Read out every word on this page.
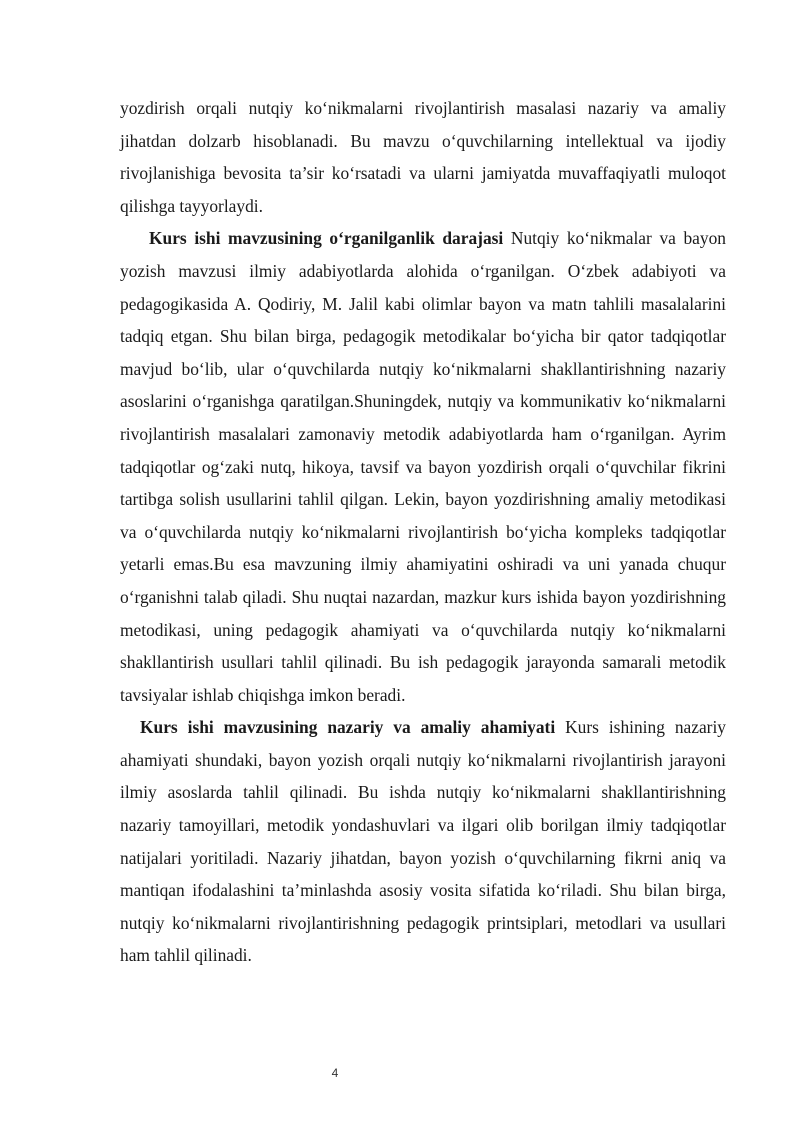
yozdirish orqali nutqiy ko‘nikmalarni rivojlantirish masalasi nazariy va amaliy jihatdan dolzarb hisoblanadi. Bu mavzu o‘quvchilarning intellektual va ijodiy rivojlanishiga bevosita ta’sir ko‘rsatadi va ularni jamiyatda muvaffaqiyatli muloqot qilishga tayyorlaydi.

Kurs ishi mavzusining o‘rganilganlik darajasi Nutqiy ko‘nikmalar va bayon yozish mavzusi ilmiy adabiyotlarda alohida o‘rganilgan. O‘zbek adabiyoti va pedagogikasida A. Qodiriy, M. Jalil kabi olimlar bayon va matn tahlili masalalarini tadqiq etgan. Shu bilan birga, pedagogik metodikalar bo‘yicha bir qator tadqiqotlar mavjud bo‘lib, ular o‘quvchilarda nutqiy ko‘nikmalarni shakllantirishning nazariy asoslarini o‘rganishga qaratilgan.Shuningdek, nutqiy va kommunikativ ko‘nikmalarni rivojlantirish masalalari zamonaviy metodik adabiyotlarda ham o‘rganilgan. Ayrim tadqiqotlar og‘zaki nutq, hikoya, tavsif va bayon yozdirish orqali o‘quvchilar fikrini tartibga solish usullarini tahlil qilgan. Lekin, bayon yozdirishning amaliy metodikasi va o‘quvchilarda nutqiy ko‘nikmalarni rivojlantirish bo‘yicha kompleks tadqiqotlar yetarli emas.Bu esa mavzuning ilmiy ahamiyatini oshiradi va uni yanada chuqur o‘rganishni talab qiladi. Shu nuqtai nazardan, mazkur kurs ishida bayon yozdirishning metodikasi, uning pedagogik ahamiyati va o‘quvchilarda nutqiy ko‘nikmalarni shakllantirish usullari tahlil qilinadi. Bu ish pedagogik jarayonda samarali metodik tavsiyalar ishlab chiqishga imkon beradi.

Kurs ishi mavzusining nazariy va amaliy ahamiyati Kurs ishining nazariy ahamiyati shundaki, bayon yozish orqali nutqiy ko‘nikmalarni rivojlantirish jarayoni ilmiy asoslarda tahlil qilinadi. Bu ishda nutqiy ko‘nikmalarni shakllantirishning nazariy tamoyillari, metodik yondashuvlari va ilgari olib borilgan ilmiy tadqiqotlar natijalari yoritiladi. Nazariy jihatdan, bayon yozish o‘quvchilarning fikrni aniq va mantiqan ifodalashini ta’minlashda asosiy vosita sifatida ko‘riladi. Shu bilan birga, nutqiy ko‘nikmalarni rivojlantirishning pedagogik printsiplari, metodlari va usullari ham tahlil qilinadi.

4
